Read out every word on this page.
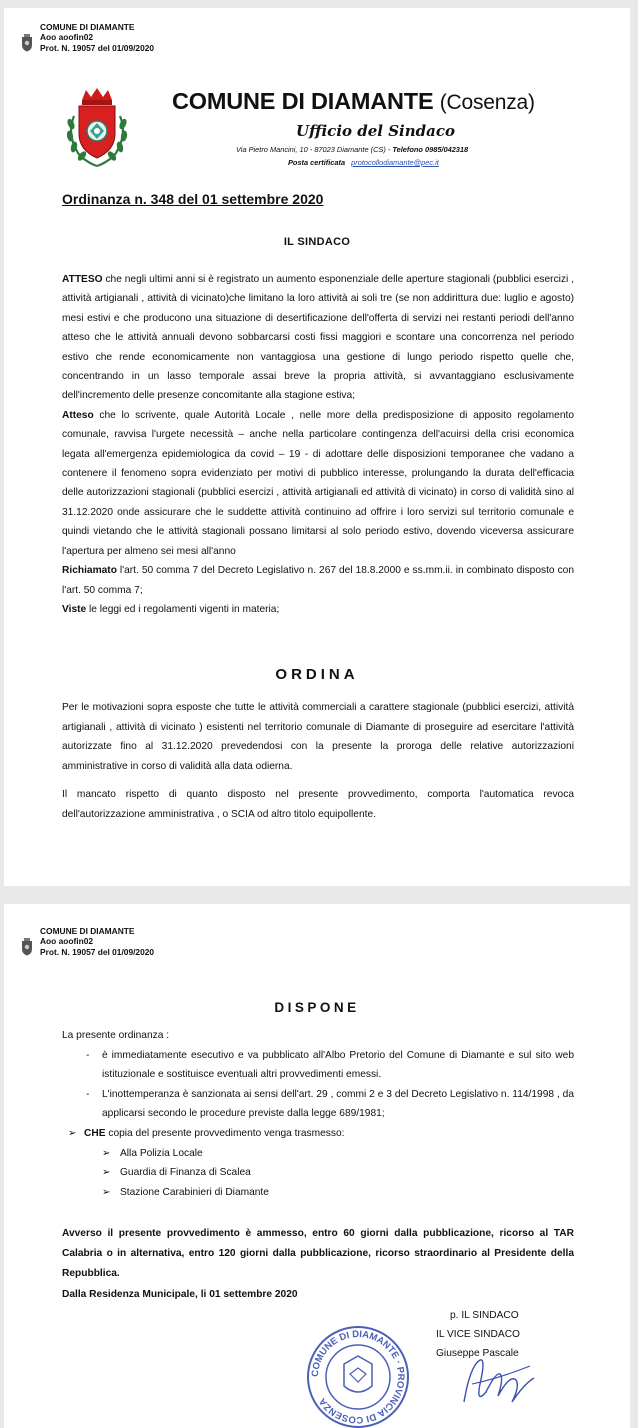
COMUNE DI DIAMANTE
Aoo aoofin02
Prot. N. 19057 del 01/09/2020
COMUNE DI DIAMANTE (Cosenza)
Ufficio del Sindaco
Via Pietro Mancini, 10 - 87023 Diamante (CS) - Telefono 0985/042318
Posta certificata protocollodiamante@pec.it
Ordinanza n. 348 del 01 settembre 2020
IL SINDACO

ATTESO che negli ultimi anni si è registrato un aumento esponenziale delle aperture stagionali (pubblici esercizi , attività artigianali , attività di vicinato)che limitano la loro attività ai soli tre (se non addirittura due: luglio e agosto) mesi estivi e che producono una situazione di desertificazione dell'offerta di servizi nei restanti periodi dell'anno atteso che le attività annuali devono sobbarcarsi costi fissi maggiori e scontare una concorrenza nel periodo estivo che rende economicamente non vantaggiosa una gestione di lungo periodo rispetto quelle che, concentrando in un lasso temporale assai breve la propria attività, si avvantaggiano esclusivamente dell'incremento delle presenze concomitante alla stagione estiva;

Atteso che lo scrivente, quale Autorità Locale , nelle more della predisposizione di apposito regolamento comunale, ravvisa l'urgete necessità – anche nella particolare contingenza dell'acuirsi della crisi economica legata all'emergenza epidemiologica da covid – 19 - di adottare delle disposizioni temporanee che vadano a contenere il fenomeno sopra evidenziato per motivi di pubblico interesse, prolungando la durata dell'efficacia delle autorizzazioni stagionali (pubblici esercizi , attività artigianali ed attività di vicinato) in corso di validità sino al 31.12.2020 onde assicurare che le suddette attività continuino ad offrire i loro servizi sul territorio comunale e quindi vietando che le attività stagionali possano limitarsi al solo periodo estivo, dovendo viceversa assicurare l'apertura per almeno sei mesi all'anno

Richiamato l'art. 50 comma 7 del Decreto Legislativo n. 267 del 18.8.2000 e ss.mm.ii. in combinato disposto con l'art. 50 comma 7;

Viste le leggi ed i regolamenti vigenti in materia;

ORDINA

Per le motivazioni sopra esposte che tutte le attività commerciali a carattere stagionale (pubblici esercizi, attività artigianali , attività di vicinato ) esistenti nel territorio comunale di Diamante di proseguire ad esercitare l'attività autorizzate fino al 31.12.2020 prevedendosi con la presente la proroga delle relative autorizzazioni amministrative in corso di validità alla data odierna.

Il mancato rispetto di quanto disposto nel presente provvedimento, comporta l'automatica revoca dell'autorizzazione amministrativa , o SCIA od altro titolo equipollente.

COMUNE DI DIAMANTE
Aoo aoofin02
Prot. N. 19057 del 01/09/2020
DISPONE

La presente ordinanza :

- è immediatamente esecutivo e va pubblicato all'Albo Pretorio del Comune di Diamante e sul sito web istituzionale e sostituisce eventuali altri provvedimenti emessi.
- L'inottemperanza è sanzionata ai sensi dell'art. 29 , commi 2 e 3 del Decreto Legislativo n. 114/1998 , da applicarsi secondo le procedure previste dalla legge 689/1981;

➢ CHE copia del presente provvedimento venga trasmesso:

➢ Alla Polizia Locale
➢ Guardia di Finanza di Scalea
➢ Stazione Carabinieri di Diamante

Avverso il presente provvedimento è ammesso, entro 60 giorni dalla pubblicazione, ricorso al TAR Calabria o in alternativa, entro 120 giorni dalla pubblicazione, ricorso straordinario al Presidente della Repubblica.

Dalla Residenza Municipale, li 01 settembre 2020

p. IL SINDACO
IL VICE SINDACO
Giuseppe Pascale
COMUNE DI DIAMANTE · PROVINCIA DI COSENZA
